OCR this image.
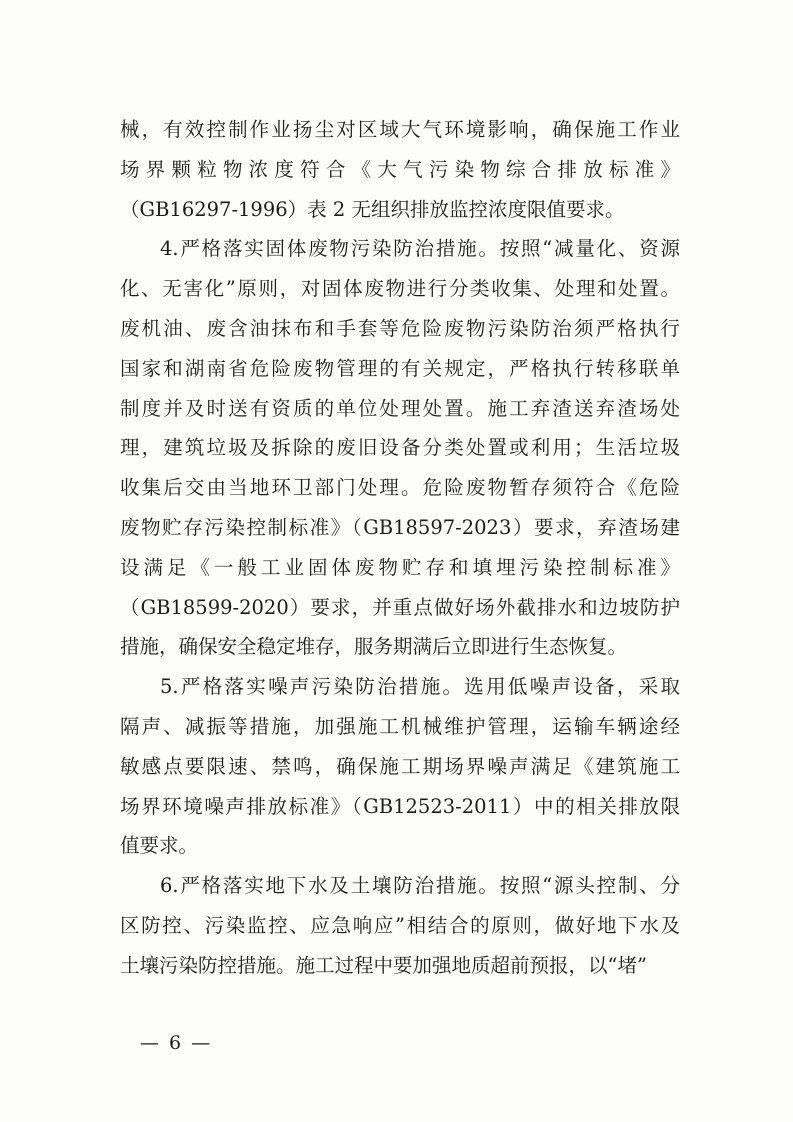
械，有效控制作业扬尘对区域大气环境影响，确保施工作业
场界颗粒物浓度符合《大气污染物综合排放标准》
（GB16297-1996）表 2 无组织排放监控浓度限值要求。
4.严格落实固体废物污染防治措施。按照“减量化、资源
化、无害化”原则，对固体废物进行分类收集、处理和处置。
废机油、废含油抹布和手套等危险废物污染防治须严格执行
国家和湖南省危险废物管理的有关规定，严格执行转移联单
制度并及时送有资质的单位处理处置。施工弃渣送弃渣场处
理，建筑垃圾及拆除的废旧设备分类处置或利用；生活垃圾
收集后交由当地环卫部门处理。危险废物暂存须符合《危险
废物贮存污染控制标准》（GB18597-2023）要求，弃渣场建
设满足《一般工业固体废物贮存和填埋污染控制标准》
（GB18599-2020）要求，并重点做好场外截排水和边坡防护
措施，确保安全稳定堆存，服务期满后立即进行生态恢复。
5.严格落实噪声污染防治措施。选用低噪声设备，采取
隔声、减振等措施，加强施工机械维护管理，运输车辆途经
敏感点要限速、禁鸣，确保施工期场界噪声满足《建筑施工
场界环境噪声排放标准》（GB12523-2011）中的相关排放限
值要求。
6.严格落实地下水及土壤防治措施。按照“源头控制、分
区防控、污染监控、应急响应”相结合的原则，做好地下水及
土壤污染防控措施。施工过程中要加强地质超前预报，以“堵”
— 6 —
